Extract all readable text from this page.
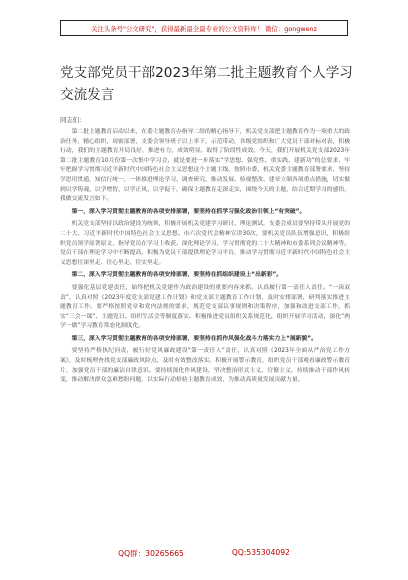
关注头条号"公文研究"，获得最新最全最专业的公文资料库！ 微信：gongwenz
党支部党员干部2023年第二批主题教育个人学习交流发言
同志们：

第二批主题教育启动以来，在委主题教育办指导二组的精心指导下，机关党支部把主题教育作为一项重大的政治任务，精心组织、周密部署，支委会领导班子以上率下，示范带动，各级党组织和广大党员干部对标对表，积极行动，我们的主题教育开局良好，推进有力，成效明显。取得了阶段性成效。今天，我们开展机关党支部2023年第二批主题教育10月份第一次集中学习会，就是要进一步落实“学思想、强党性、重实践、建新功”的总要求，牢牢把握学习贯彻习近平新时代中国特色社会主义思想这个主题主线，按照市委、机关党委主题教育部署要求，坚持学思用贯通，知信行统一，一体推进理论学习、调查研究、推动发展、检视整改、建章立制各项重点措施，切实做到以学铸魂、以学增智、以学正风、以学促干，确保主题教育走深走实，围绕今天的主题，结合近期学习的感悟，我做交流发言如下。

第一，深入学习贯彻主题教育的各项安排部署，要坚持在抓学习强化政治引领上“有突破”。

机关党支部坚持以政治建设为统领，积极开展机关党建学习研讨、理论测试，支委会成员要坚持带头开展党的二十大、习近平新时代中国特色社会主义思想。市六次党代会精神宣讲30次，要机关党员队伍增强意识，积极组织党员领学原著原文，指导党员在学习上收获。深化理论学习，学习贯彻党的二十大精神和市委系列会议精神等。党员干部在理论学习中不断提高，积极为党员干部提供理论学习平台，推动学习贯彻习近平新时代中国特色社会主义思想往深里走、往心里走、往实里走。

第二，深入学习贯彻主题教育的各项安排部署，要坚持在抓组织建设上“出新彩”。

要强化基层党建责任，始终把机关党建作为政治建设的重要内容来抓，认真履行第一责任人责任。“一岗双责”，认真对照《2023年度党支部党建工作计划》和党支部主题教育工作计划，及时安排部署，研判落实推进主题教育工作。要严格按照党章和党内法规的要求，规范党支部议事规则和决策程序，加强和改进支部工作，抓实“三会一课”、主题党日、组织生活会等制度落实。积极推进党员组织关系规范化，组织开展学习活动，深化“两学一做”学习教育常态化制度化。

第三，深入学习贯彻主题教育的各项安排部署，要坚持在抓作风强化战斗力落实力上“展新貌”。

要坚持严格执纪问责，履行好党风廉政建设“第一责任人”责任，认真对照《2023年全面从严治党工作方案》，及时梳理查找党支部廉政风险点，及时有效整改落实。积极开展警示教育，组织党员干部观看廉政警示教育片，加强党员干部的廉洁自律意识。要持续深化作风建设，坚决整治形式主义、官僚主义，持续推动干部作风转变，推动解决群众急难愁盼问题，以实际行动检验主题教育成效，为推动高质量发展贡献力量。

QQ群：30265665	QQ:535304092
